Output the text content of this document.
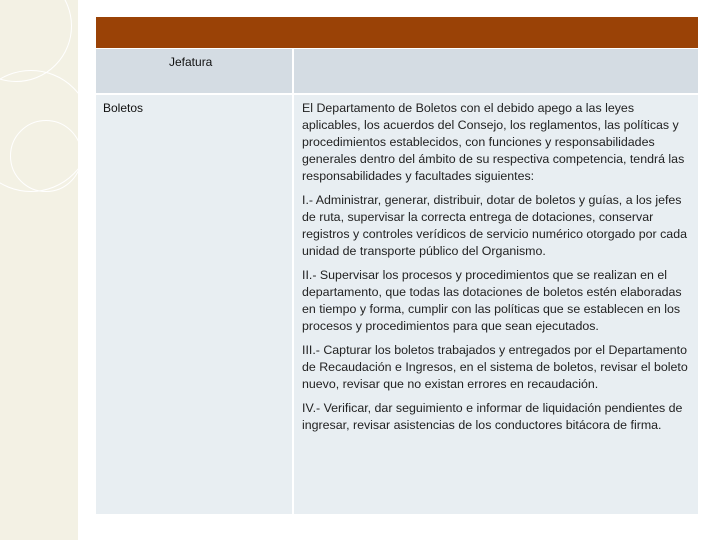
Jefatura
Boletos	El Departamento de Boletos con el debido apego a las leyes aplicables, los acuerdos del Consejo, los reglamentos, las políticas y procedimientos establecidos, con funciones y responsabilidades generales dentro del ámbito de su respectiva competencia, tendrá las responsabilidades y facultades siguientes:

I.- Administrar, generar, distribuir, dotar de boletos y guías, a los jefes de ruta, supervisar la correcta entrega de dotaciones, conservar registros y controles verídicos de servicio numérico otorgado por cada unidad de transporte público del Organismo.

II.- Supervisar los procesos y procedimientos que se realizan en el departamento, que todas las dotaciones de boletos estén elaboradas en tiempo y forma, cumplir con las políticas que se establecen en los procesos y procedimientos para que sean ejecutados.

III.- Capturar los boletos trabajados y entregados por el Departamento de Recaudación e Ingresos, en el sistema de boletos, revisar el boleto nuevo, revisar que no existan errores en recaudación.

IV.- Verificar, dar seguimiento e informar de liquidación pendientes de ingresar, revisar asistencias de los conductores bitácora de firma.
